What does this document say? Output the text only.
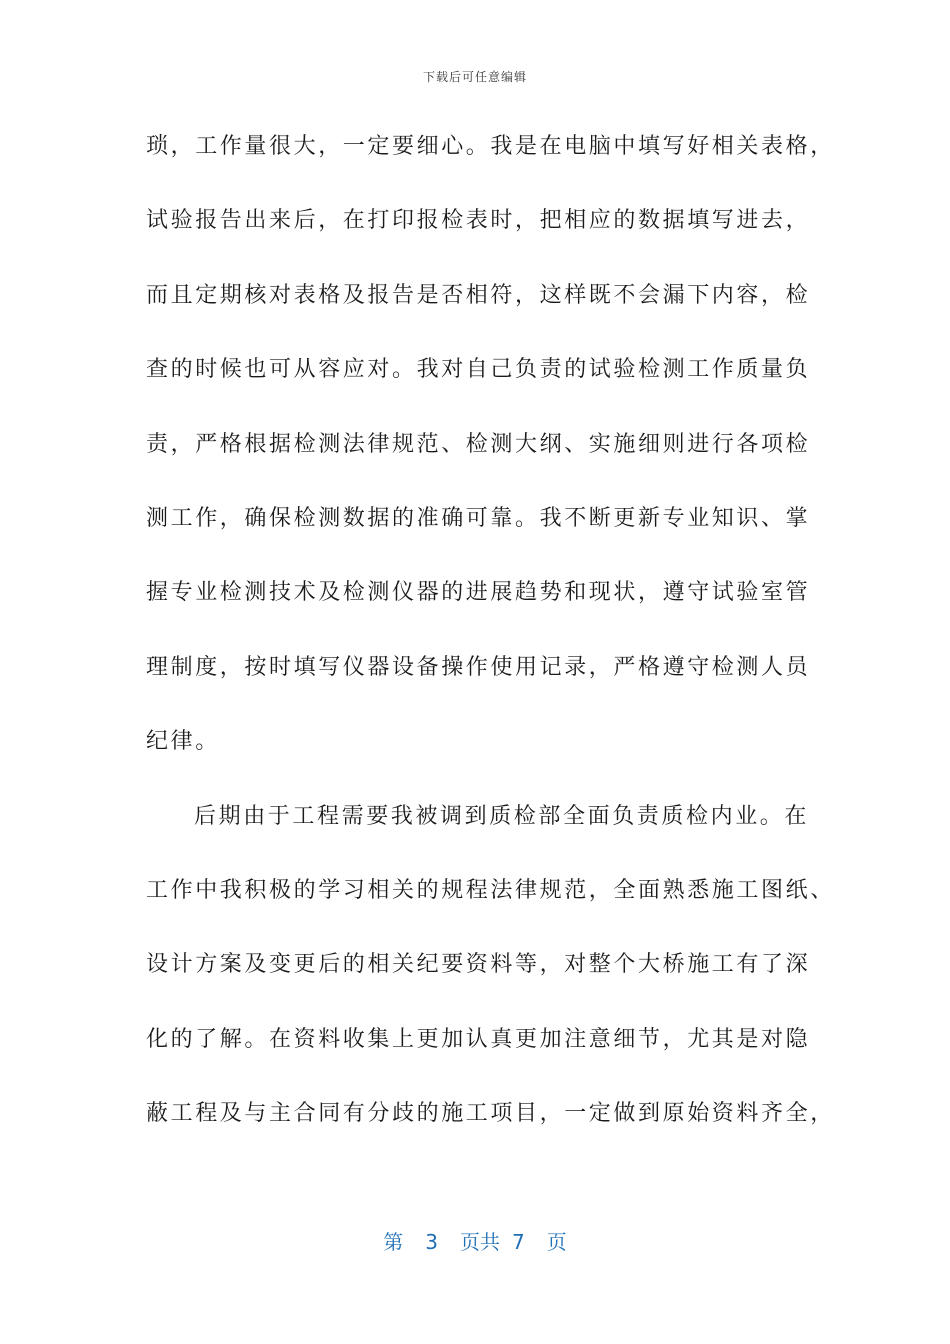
下载后可任意编辑
琐，工作量很大，一定要细心。我是在电脑中填写好相关表格，
试验报告出来后，在打印报检表时，把相应的数据填写进去，
而且定期核对表格及报告是否相符，这样既不会漏下内容，检
查的时候也可从容应对。我对自己负责的试验检测工作质量负
责，严格根据检测法律规范、检测大纲、实施细则进行各项检
测工作，确保检测数据的准确可靠。我不断更新专业知识、掌
握专业检测技术及检测仪器的进展趋势和现状，遵守试验室管
理制度，按时填写仪器设备操作使用记录，严格遵守检测人员
纪律。
后期由于工程需要我被调到质检部全面负责质检内业。在
工作中我积极的学习相关的规程法律规范，全面熟悉施工图纸、
设计方案及变更后的相关纪要资料等，对整个大桥施工有了深
化的了解。在资料收集上更加认真更加注意细节，尤其是对隐
蔽工程及与主合同有分歧的施工项目，一定做到原始资料齐全，
第 3 页共 7 页
